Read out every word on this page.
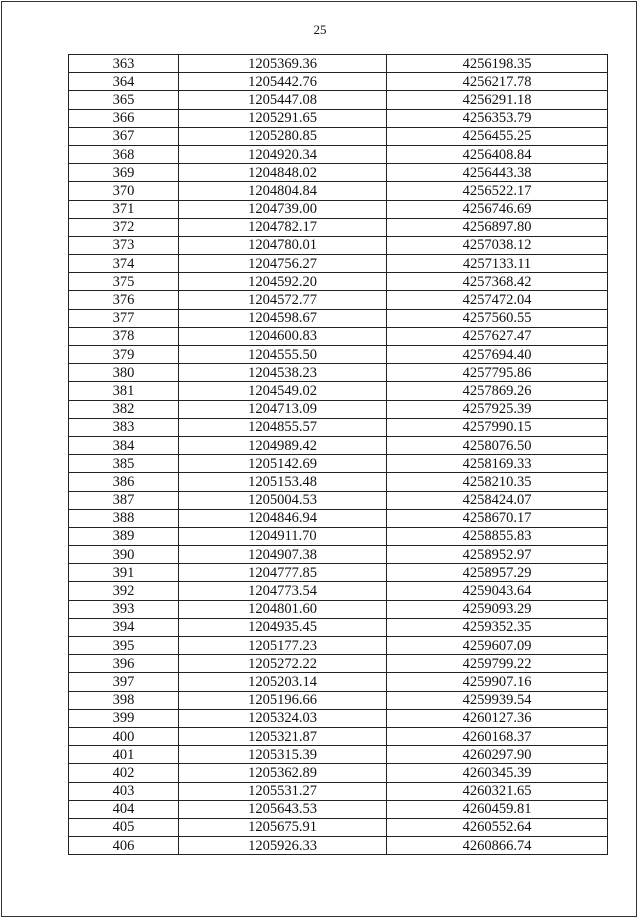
25
363	1205369.36	4256198.35
364	1205442.76	4256217.78
365	1205447.08	4256291.18
366	1205291.65	4256353.79
367	1205280.85	4256455.25
368	1204920.34	4256408.84
369	1204848.02	4256443.38
370	1204804.84	4256522.17
371	1204739.00	4256746.69
372	1204782.17	4256897.80
373	1204780.01	4257038.12
374	1204756.27	4257133.11
375	1204592.20	4257368.42
376	1204572.77	4257472.04
377	1204598.67	4257560.55
378	1204600.83	4257627.47
379	1204555.50	4257694.40
380	1204538.23	4257795.86
381	1204549.02	4257869.26
382	1204713.09	4257925.39
383	1204855.57	4257990.15
384	1204989.42	4258076.50
385	1205142.69	4258169.33
386	1205153.48	4258210.35
387	1205004.53	4258424.07
388	1204846.94	4258670.17
389	1204911.70	4258855.83
390	1204907.38	4258952.97
391	1204777.85	4258957.29
392	1204773.54	4259043.64
393	1204801.60	4259093.29
394	1204935.45	4259352.35
395	1205177.23	4259607.09
396	1205272.22	4259799.22
397	1205203.14	4259907.16
398	1205196.66	4259939.54
399	1205324.03	4260127.36
400	1205321.87	4260168.37
401	1205315.39	4260297.90
402	1205362.89	4260345.39
403	1205531.27	4260321.65
404	1205643.53	4260459.81
405	1205675.91	4260552.64
406	1205926.33	4260866.74
